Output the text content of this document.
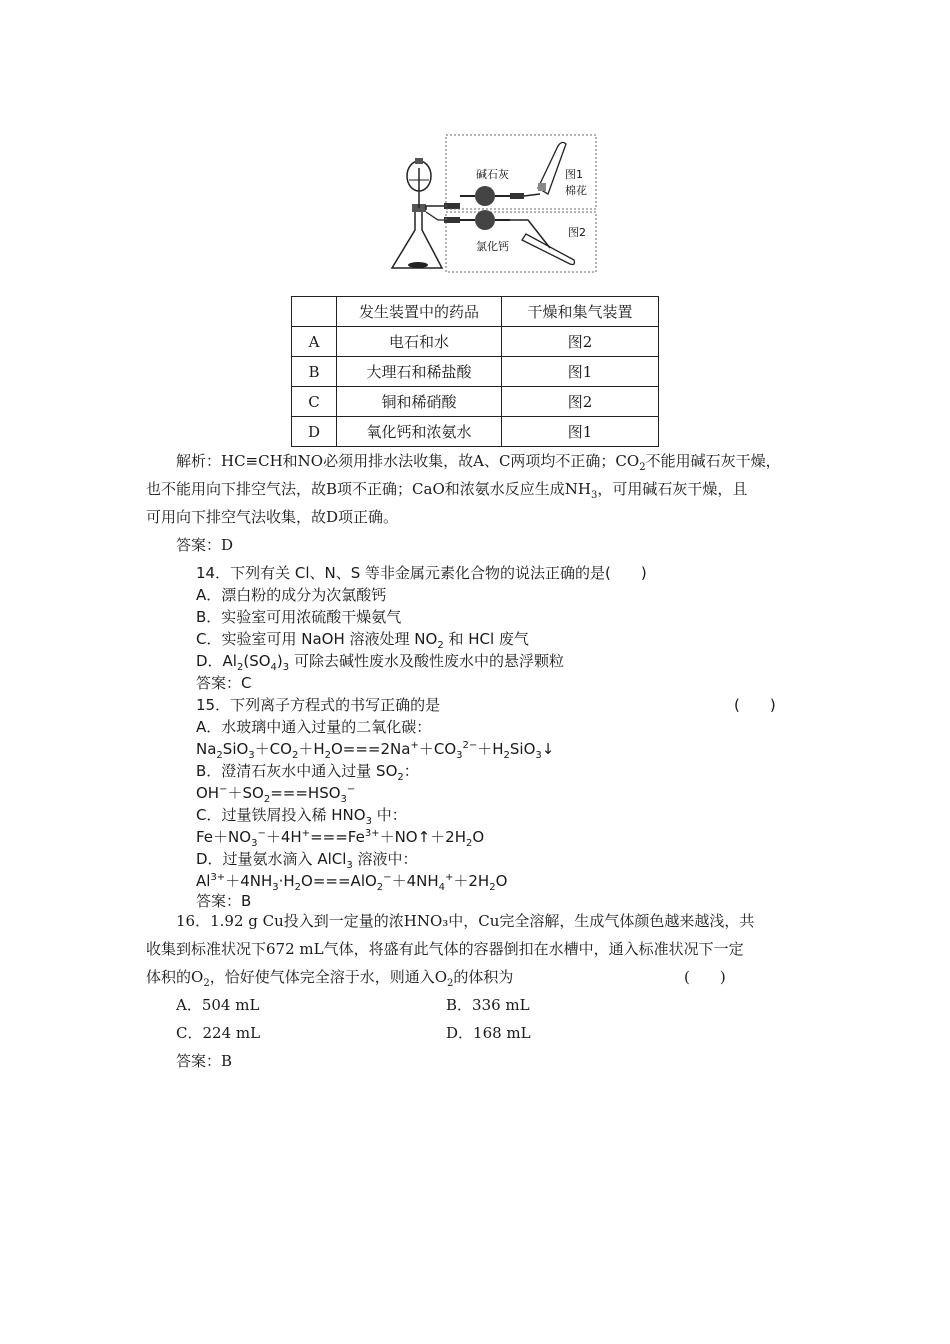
碱石灰	图1
棉花
图2
氯化钙
	发生装置中的药品	干燥和集气装置
A	电石和水	图2
B	大理石和稀盐酸	图1
C	铜和稀硝酸	图2
D	氧化钙和浓氨水	图1
解析：HC≡CH和NO必须用排水法收集，故A、C两项均不正确；$CO_2$不能用碱石灰干燥，
也不能用向下排空气法，故B项不正确；CaO和浓氨水反应生成$NH_3$，可用碱石灰干燥，且
可用向下排空气法收集，故D项正确。
答案：D
14．下列有关 Cl、N、S 等非金属元素化合物的说法正确的是(　　)
A．漂白粉的成分为次氯酸钙
B．实验室可用浓硫酸干燥氨气
C．实验室可用 NaOH 溶液处理 $NO_2$ 和 HCl 废气
D．$Al_2(SO_4)_3$ 可除去碱性废水及酸性废水中的悬浮颗粒
答案：C
15．下列离子方程式的书写正确的是	(　　)
A．水玻璃中通入过量的二氧化碳：
$Na_2SiO_3+CO_2+H_2O===2Na^++CO_3^{2-}+H_2SiO_3↓$
B．澄清石灰水中通入过量 $SO_2$：
$OH^-+SO_2===HSO_3^-$
C．过量铁屑投入稀 $HNO_3$ 中：
$Fe+NO_3^-+4H^+===Fe^{3+}+NO↑+2H_2O$
D．过量氨水滴入 AlCl$_3$ 溶液中：
$Al^{3+}+4NH_3\cdot H_2O===AlO_2^-+4NH_4^++2H_2O$
答案：B
16．1.92 g Cu投入到一定量的浓HNO₃中，Cu完全溶解，生成气体颜色越来越浅，共
收集到标准状况下672 mL气体，将盛有此气体的容器倒扣在水槽中，通入标准状况下一定
体积的$O_2$，恰好使气体完全溶于水，则通入$O_2$的体积为	(　　)
A．504 mL	B．336 mL
C．224 mL	D．168 mL
答案：B
